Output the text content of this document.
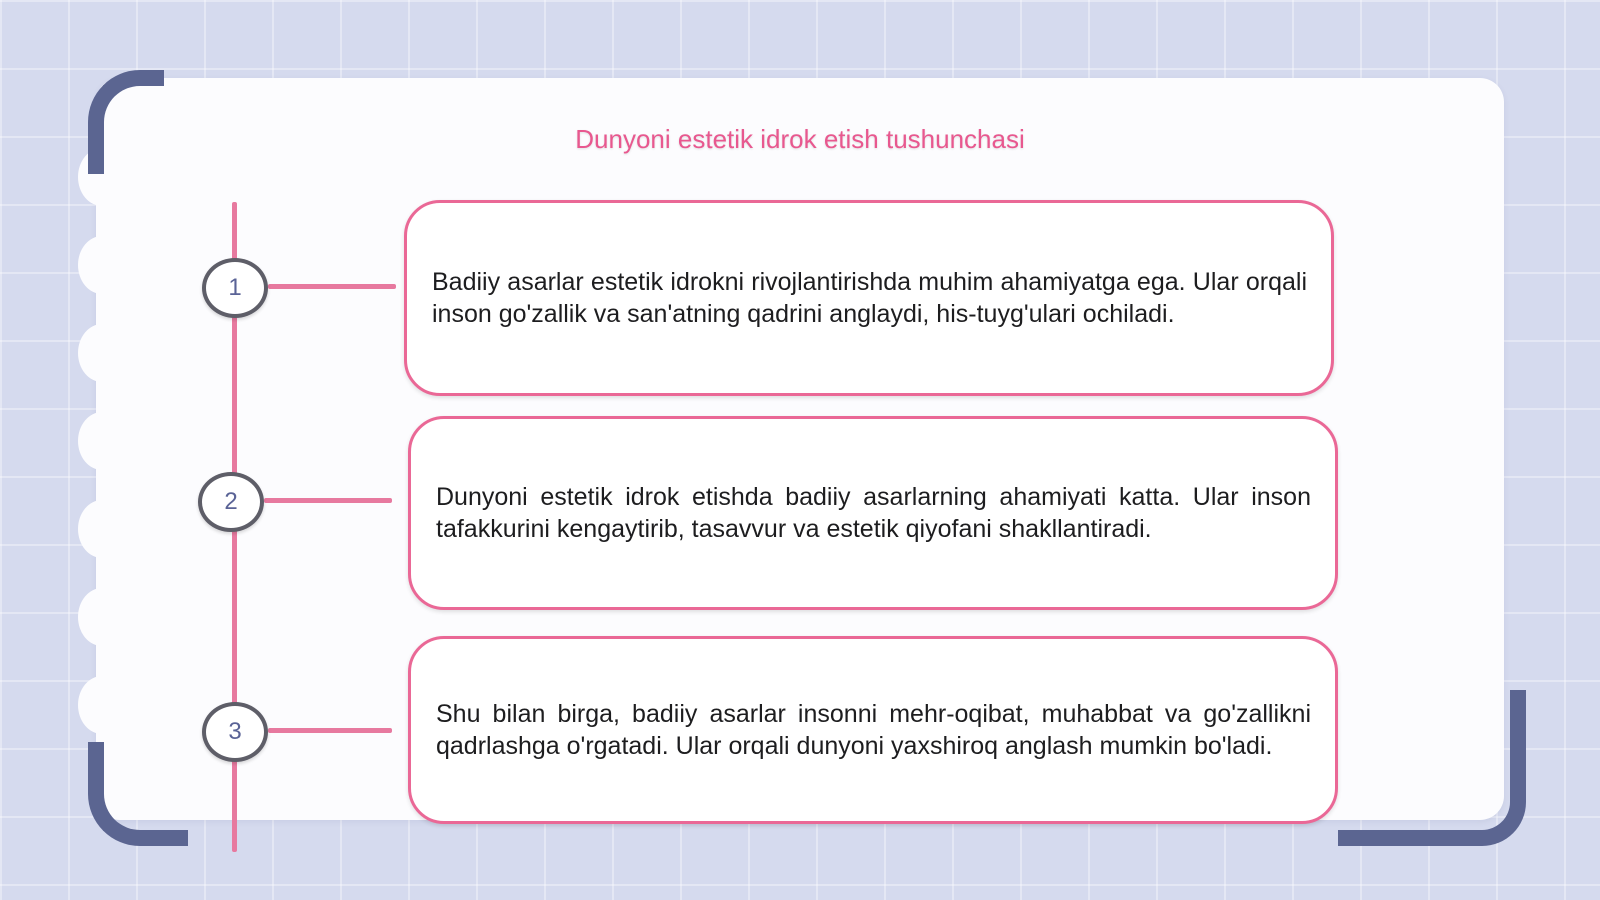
Dunyoni estetik idrok etish tushunchasi
1
2
3

Badiiy asarlar estetik idrokni rivojlantirishda muhim ahamiyatga ega. Ular orqali inson go'zallik va san'atning qadrini anglaydi, his-tuyg'ulari ochiladi.

Dunyoni estetik idrok etishda badiiy asarlarning ahamiyati katta. Ular inson tafakkurini kengaytirib, tasavvur va estetik qiyofani shakllantiradi.

Shu bilan birga, badiiy asarlar insonni mehr-oqibat, muhabbat va go'zallikni qadrlashga o'rgatadi. Ular orqali dunyoni yaxshiroq anglash mumkin bo'ladi.
